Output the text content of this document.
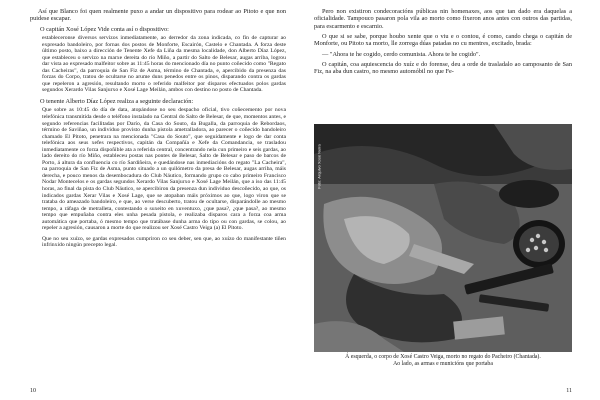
Así que Blanco foi quen realmente puxo a andar un dispositivo para rodear ao Pitoto e que non puidese escapar.

O capitán Xosé López Vide conta así o dispositivo:

estableceronse diversos servizos inmediatamente, ao derredor da zona indicada, co fin de capturar ao expresado bandoleiro, por fornas dos postos de Monforte, Escairón, Castelo e Chantada. A forza deste último posto, baixo a dirección de Tenente Xefe da Liña da mesma localidade, don Alberto Díaz López, que estableceu o servizo na marxe dereita do río Miño, a partir do Salto de Belesar, augas arriba, logrou dar vista ao expresado malfeitor sobre as 11:45 horas do mencionado día no punto coñecido como "Regato das Cacheiras", da parroquia de San Fiz de Asma, término de Chantada, e, apercibido da presenza das forzas do Corpo, tratou de ocultarse no arume duns penedos entre os pinos, disparando contra os gardas que repeleron a agresión, resultando morto o referido malfeitor por disparos efectuados polos gardas segundos Xerardo Vilas Sanjurxo e Xosé Lage Meilán, ambos con destino no posto de Chantada.

O tenente Alberto Díaz López realiza a seguinte declaración:

Que sobre as 10:45 do día de data, atopándose no seu despacho oficial, tivo coñecemento por nova telefónica transmitida desde o teléfono instalado na Central do Salto de Belesar, de que, momentos antes, e segundo referencias facilitadas por Darío, da Casa do Souto, da Bugalla, da parroquia de Rebordaos, término de Saviñao, un individuo provisto dunha pistola ametralladora, ao parecer o coñecido bandoleiro chamado El Pitoto, penetrara na mencionada "Casa do Souto", que seguidamente e logo de dar conta telefónica aos seus xefes respectivos, capitán da Compañía e Xefe da Comandancia, se trasladou inmediatamente co forza dispoñible ata a referida central, concentrando nela cun primeiro e seis gardas, ao lado dereito do río Miño, estableceu postas nas pontes de Belesar, Salto de Belesar e paso de barcos de Porto, á altura da confluencia co río Sardiñeira, e quedándose nas inmediacións do regato "La Cacheira", na parroquia de San Fiz de Asma, punto situado a un quilómetro da presa de Belesar, augas arriba, máis derecha, e pouco menos da desembocadura do Club Náutico, formando grupo co cabo primeiro Francisco Nodar Montecelos e os gardas segundos Xerardo Vilas Sanjurxo e Xosé Lage Meilán, que a iso das 11:45 horas, ao final da pista do Club Náutico, se apercibiron da presenza dun individuo descoñecido, ao que, os indicados gardas Xerar Vilas e Xosé Lage, que se atopaban máis próximos ao que, logo viron que se trataba do ameazado bandoleiro, e que, ao verse descuberto, tratou de ocultarse, disparándolle ao mesmo tempo, a ráfaga de metralleta, contestando o suxeito en xuventuxo, ¿que pasa?, ¿que pasa?, ao mesmo tempo que empuñaba contra eles unha pesada pistola, e realizaba disparos cara a forza coa arma automática que portaba, ó mesmo tempo que tratábase dunha arma do tipo ou con gardas, se colou, ao repeler a agresión, causaron a morte do que realizou ser Xosé Castro Veiga (a) El Pitoto.

Que no seu xuízo, se gardas expresados cumpriron co seu deber, sen que, ao xuízo do manifestante tiñen infrinxido ningún precepto legal.

10

Pero non existiron condecoracións públicas nin homenaxes, aos que tan dado era daquelas a oficialidade. Tampouco pasaron pola vila ao morto como fixeron anos antes con outros das partidas, para escarmento e escarnio.

O que si se sabe, porque houbo xente que o viu e o contou, é como, cando chega o capitán de Monforte, ou Pitoto xa morto, lle zorrega dúas patadas no cu mentres, excitado, brada:

— "Ahora te he cogido, cerdo comunista. Ahora te he cogido".

O capitán, coa aquiescencia do xuíz e do forense, deu a orde de trasladalo ao camposanto de San Fiz, na aba dun castro, no mesmo automóbil no que Fe-

Foto: Arquivo Xosé Neira
Á esquerda, o corpo de Xosé Castro Veiga, morto no regato do Pacheiro (Chantada).
Ao lado, as armas e municións que portaba
11
